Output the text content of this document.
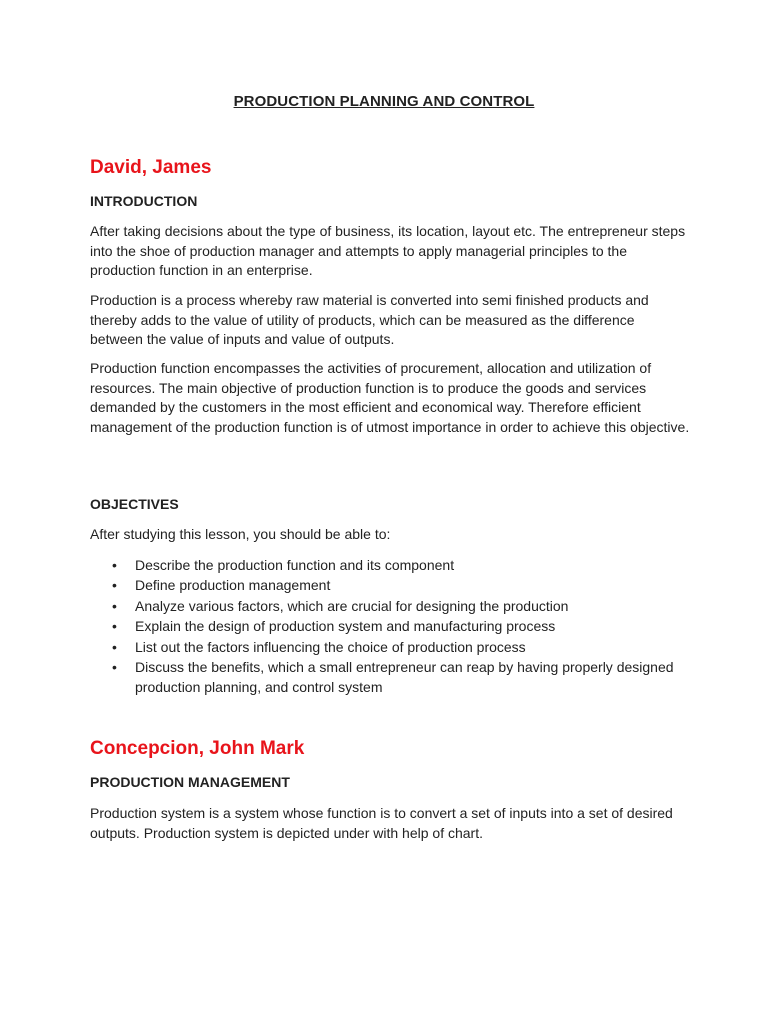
PRODUCTION PLANNING AND CONTROL
David, James
INTRODUCTION

After taking decisions about the type of business, its location, layout etc. The entrepreneur steps into the shoe of production manager and attempts to apply managerial principles to the production function in an enterprise.

Production is a process whereby raw material is converted into semi finished products and thereby adds to the value of utility of products, which can be measured as the difference between the value of inputs and value of outputs.

Production function encompasses the activities of procurement, allocation and utilization of resources. The main objective of production function is to produce the goods and services demanded by the customers in the most efficient and economical way. Therefore efficient management of the production function is of utmost importance in order to achieve this objective.

OBJECTIVES

After studying this lesson, you should be able to:

• Describe the production function and its component
• Define production management
• Analyze various factors, which are crucial for designing the production
• Explain the design of production system and manufacturing process
• List out the factors influencing the choice of production process
• Discuss the benefits, which a small entrepreneur can reap by having properly designed production planning, and control system
Concepcion, John Mark
PRODUCTION MANAGEMENT

Production system is a system whose function is to convert a set of inputs into a set of desired outputs. Production system is depicted under with help of chart.
